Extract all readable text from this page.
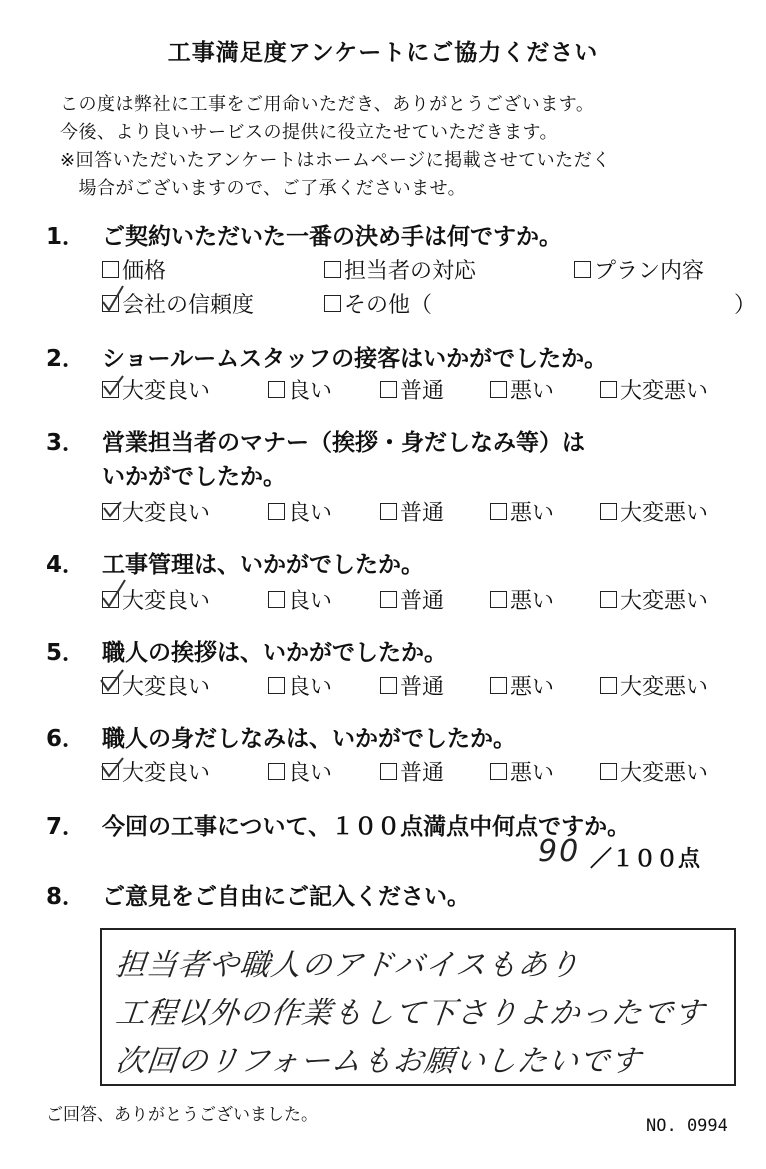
工事満足度アンケートにご協力ください
この度は弊社に工事をご用命いただき、ありがとうございます。
今後、より良いサービスの提供に役立たせていただきます。
※回答いただいたアンケートはホームページに掲載させていただく
　場合がございますので、ご了承くださいませ。
1． ご契約いただいた一番の決め手は何ですか。
価格	担当者の対応	プラン内容
会社の信頼度	その他（	）
2． ショールームスタッフの接客はいかがでしたか。
大変良い	良い	普通	悪い	大変悪い
3． 営業担当者のマナー（挨拶・身だしなみ等）は
いかがでしたか。
大変良い	良い	普通	悪い	大変悪い
4． 工事管理は、いかがでしたか。
大変良い	良い	普通	悪い	大変悪い
5． 職人の挨拶は、いかがでしたか。
大変良い	良い	普通	悪い	大変悪い
6． 職人の身だしなみは、いかがでしたか。
大変良い	良い	普通	悪い	大変悪い
7． 今回の工事について、１００点満点中何点ですか。
90 ／１００点
8． ご意見をご自由にご記入ください。
担当者や職人のアドバイスもあり
工程以外の作業もして下さりよかったです
次回のリフォームもお願いしたいです
ご回答、ありがとうございました。
NO. 0994
